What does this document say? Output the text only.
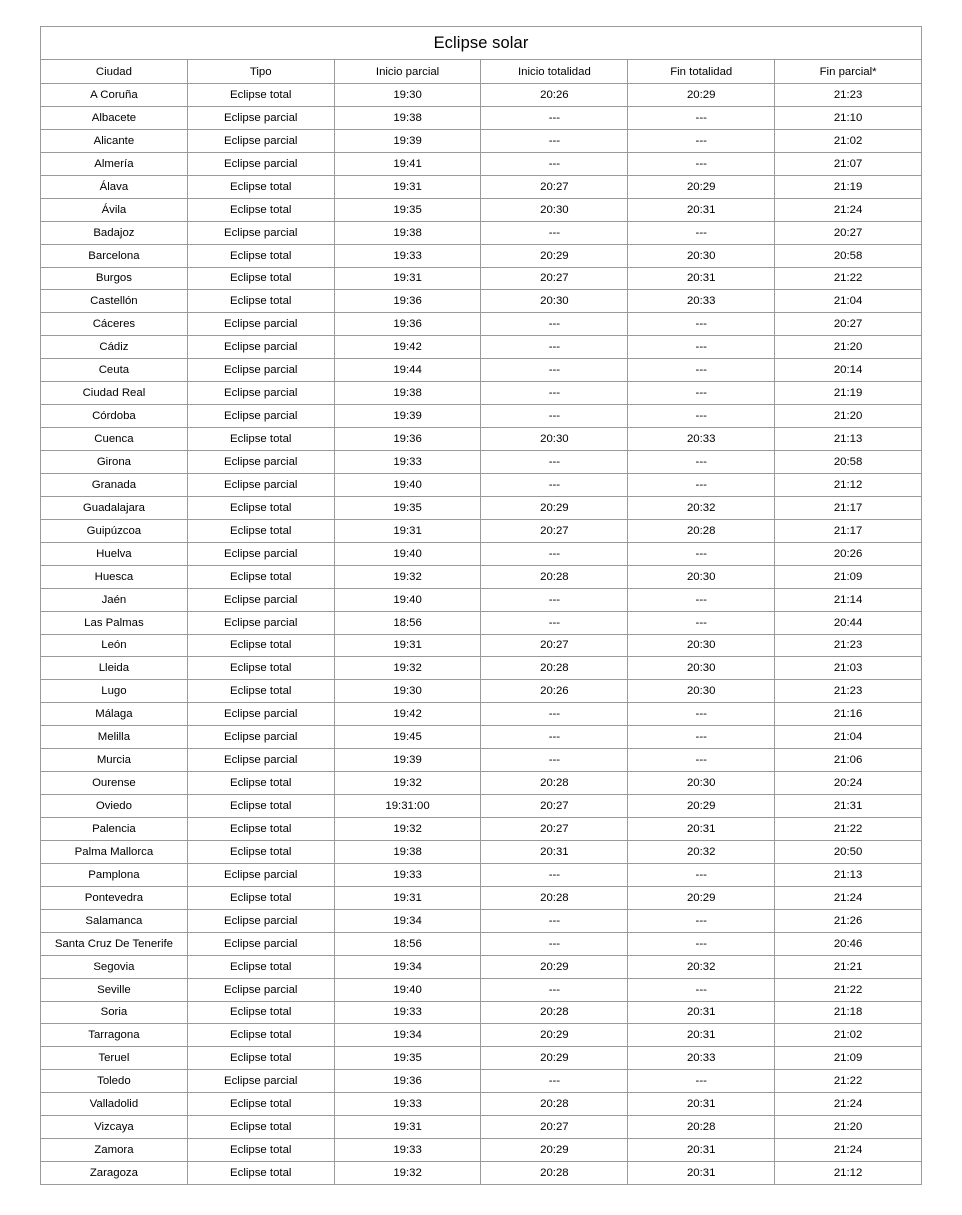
Eclipse solar					
Ciudad	Tipo	Inicio parcial	Inicio totalidad	Fin totalidad	Fin parcial*
A Coruña	Eclipse total	19:30	20:26	20:29	21:23
Albacete	Eclipse parcial	19:38	---	---	21:10
Alicante	Eclipse parcial	19:39	---	---	21:02
Almería	Eclipse parcial	19:41	---	---	21:07
Álava	Eclipse total	19:31	20:27	20:29	21:19
Ávila	Eclipse total	19:35	20:30	20:31	21:24
Badajoz	Eclipse parcial	19:38	---	---	20:27
Barcelona	Eclipse total	19:33	20:29	20:30	20:58
Burgos	Eclipse total	19:31	20:27	20:31	21:22
Castellón	Eclipse total	19:36	20:30	20:33	21:04
Cáceres	Eclipse parcial	19:36	---	---	20:27
Cádiz	Eclipse parcial	19:42	---	---	21:20
Ceuta	Eclipse parcial	19:44	---	---	20:14
Ciudad Real	Eclipse parcial	19:38	---	---	21:19
Córdoba	Eclipse parcial	19:39	---	---	21:20
Cuenca	Eclipse total	19:36	20:30	20:33	21:13
Girona	Eclipse parcial	19:33	---	---	20:58
Granada	Eclipse parcial	19:40	---	---	21:12
Guadalajara	Eclipse total	19:35	20:29	20:32	21:17
Guipúzcoa	Eclipse total	19:31	20:27	20:28	21:17
Huelva	Eclipse parcial	19:40	---	---	20:26
Huesca	Eclipse total	19:32	20:28	20:30	21:09
Jaén	Eclipse parcial	19:40	---	---	21:14
Las Palmas	Eclipse parcial	18:56	---	---	20:44
León	Eclipse total	19:31	20:27	20:30	21:23
Lleida	Eclipse total	19:32	20:28	20:30	21:03
Lugo	Eclipse total	19:30	20:26	20:30	21:23
Málaga	Eclipse parcial	19:42	---	---	21:16
Melilla	Eclipse parcial	19:45	---	---	21:04
Murcia	Eclipse parcial	19:39	---	---	21:06
Ourense	Eclipse total	19:32	20:28	20:30	20:24
Oviedo	Eclipse total	19:31:00	20:27	20:29	21:31
Palencia	Eclipse total	19:32	20:27	20:31	21:22
Palma Mallorca	Eclipse total	19:38	20:31	20:32	20:50
Pamplona	Eclipse parcial	19:33	---	---	21:13
Pontevedra	Eclipse total	19:31	20:28	20:29	21:24
Salamanca	Eclipse parcial	19:34	---	---	21:26
Santa Cruz De Tenerife	Eclipse parcial	18:56	---	---	20:46
Segovia	Eclipse total	19:34	20:29	20:32	21:21
Seville	Eclipse parcial	19:40	---	---	21:22
Soria	Eclipse total	19:33	20:28	20:31	21:18
Tarragona	Eclipse total	19:34	20:29	20:31	21:02
Teruel	Eclipse total	19:35	20:29	20:33	21:09
Toledo	Eclipse parcial	19:36	---	---	21:22
Valladolid	Eclipse total	19:33	20:28	20:31	21:24
Vizcaya	Eclipse total	19:31	20:27	20:28	21:20
Zamora	Eclipse total	19:33	20:29	20:31	21:24
Zaragoza	Eclipse total	19:32	20:28	20:31	21:12
